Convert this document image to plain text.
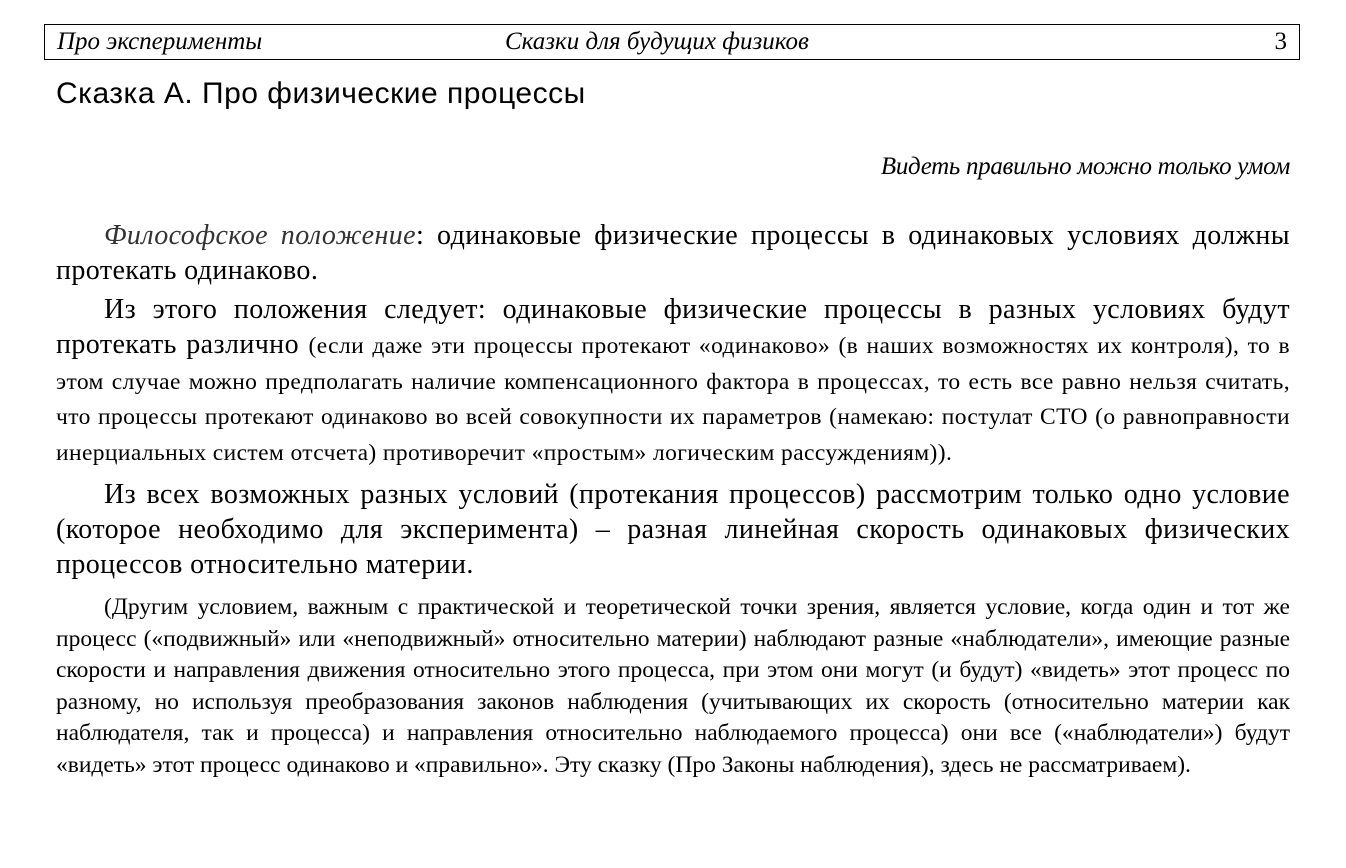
Про эксперименты	Сказки для будущих физиков	3
Сказка А. Про физические процессы
Видеть правильно можно только умом

Философское положение: одинаковые физические процессы в одинаковых условиях должны протекать одинаково.

Из этого положения следует: одинаковые физические процессы в разных условиях будут протекать различно (если даже эти процессы протекают «одинаково» (в наших возможностях их контроля), то в этом случае можно предполагать наличие компенсационного фактора в процессах, то есть все равно нельзя считать, что процессы протекают одинаково во всей совокупности их параметров (намекаю: постулат СТО (о равноправности инерциальных систем отсчета) противоречит «простым» логическим рассуждениям)).

Из всех возможных разных условий (протекания процессов) рассмотрим только одно условие (которое необходимо для эксперимента) – разная линейная скорость одинаковых физических процессов относительно материи.

(Другим условием, важным с практической и теоретической точки зрения, является условие, когда один и тот же процесс («подвижный» или «неподвижный» относительно материи) наблюдают разные «наблюдатели», имеющие разные скорости и направления движения относительно этого процесса, при этом они могут (и будут) «видеть» этот процесс по разному, но используя преобразования законов наблюдения (учитывающих их скорость (относительно материи как наблюдателя, так и процесса) и направления относительно наблюдаемого процесса) они все («наблюдатели») будут «видеть» этот процесс одинаково и «правильно». Эту сказку (Про Законы наблюдения), здесь не рассматриваем).
